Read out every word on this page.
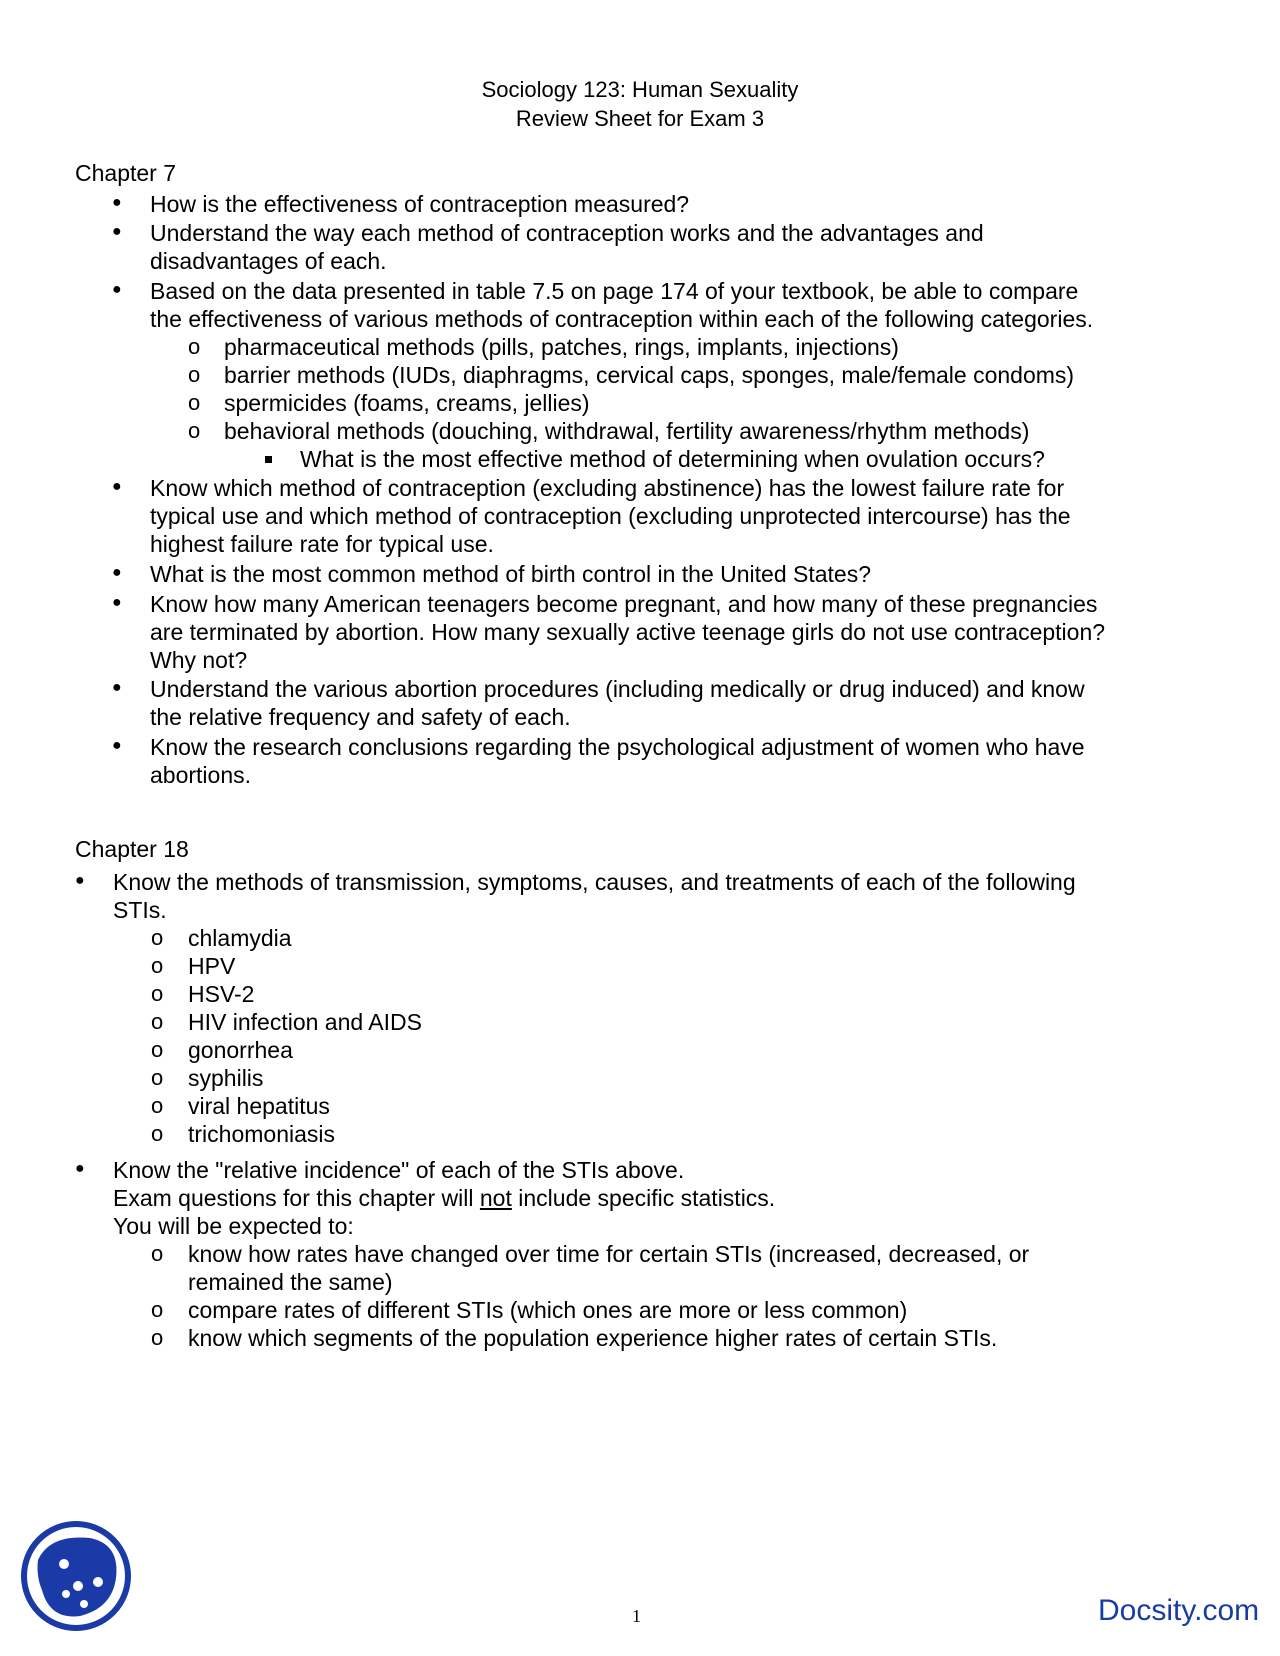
Sociology 123: Human Sexuality
Review Sheet for Exam 3
Chapter 7
● How is the effectiveness of contraception measured?
● Understand the way each method of contraception works and the advantages and
disadvantages of each.
● Based on the data presented in table 7.5 on page 174 of your textbook, be able to compare
the effectiveness of various methods of contraception within each of the following categories.
o pharmaceutical methods (pills, patches, rings, implants, injections)
o barrier methods (IUDs, diaphragms, cervical caps, sponges, male/female condoms)
o spermicides (foams, creams, jellies)
o behavioral methods (douching, withdrawal, fertility awareness/rhythm methods)
What is the most effective method of determining when ovulation occurs?
● Know which method of contraception (excluding abstinence) has the lowest failure rate for
typical use and which method of contraception (excluding unprotected intercourse) has the
highest failure rate for typical use.
● What is the most common method of birth control in the United States?
● Know how many American teenagers become pregnant, and how many of these pregnancies
are terminated by abortion. How many sexually active teenage girls do not use contraception?
Why not?
● Understand the various abortion procedures (including medically or drug induced) and know
the relative frequency and safety of each.
● Know the research conclusions regarding the psychological adjustment of women who have
abortions.
Chapter 18
● Know the methods of transmission, symptoms, causes, and treatments of each of the following
STIs.
o chlamydia
o HPV
o HSV-2
o HIV infection and AIDS
o gonorrhea
o syphilis
o viral hepatitus
o trichomoniasis
● Know the "relative incidence" of each of the STIs above.
Exam questions for this chapter will not include specific statistics.
You will be expected to:
o know how rates have changed over time for certain STIs (increased, decreased, or
remained the same)
o compare rates of different STIs (which ones are more or less common)
o know which segments of the population experience higher rates of certain STIs.
1	Docsity.com
